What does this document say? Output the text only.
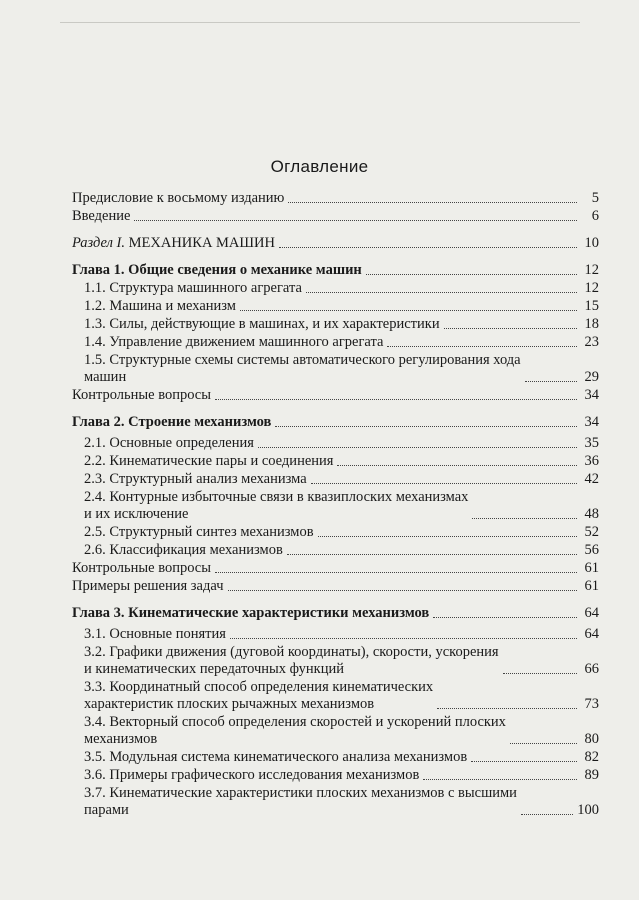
Оглавление
Предисловие к восьмому изданию	5
Введение	6
Раздел I. МЕХАНИКА МАШИН	10
Глава 1. Общие сведения о механике машин	12
1.1. Структура машинного агрегата	12
1.2. Машина и механизм	15
1.3. Силы, действующие в машинах, и их характеристики	18
1.4. Управление движением машинного агрегата	23
1.5. Структурные схемы системы автоматического регулирования хода
машин	29
Контрольные вопросы	34
Глава 2. Строение механизмов	34
2.1. Основные определения	35
2.2. Кинематические пары и соединения	36
2.3. Структурный анализ механизма	42
2.4. Контурные избыточные связи в квазиплоских механизмах
и их исключение	48
2.5. Структурный синтез механизмов	52
2.6. Классификация механизмов	56
Контрольные вопросы	61
Примеры решения задач	61
Глава 3. Кинематические характеристики механизмов	64
3.1. Основные понятия	64
3.2. Графики движения (дуговой координаты), скорости, ускорения
и кинематических передаточных функций	66
3.3. Координатный способ определения кинематических
характеристик плоских рычажных механизмов	73
3.4. Векторный способ определения скоростей и ускорений плоских
механизмов	80
3.5. Модульная система кинематического анализа механизмов	82
3.6. Примеры графического исследования механизмов	89
3.7. Кинематические характеристики плоских механизмов с высшими
парами	100
